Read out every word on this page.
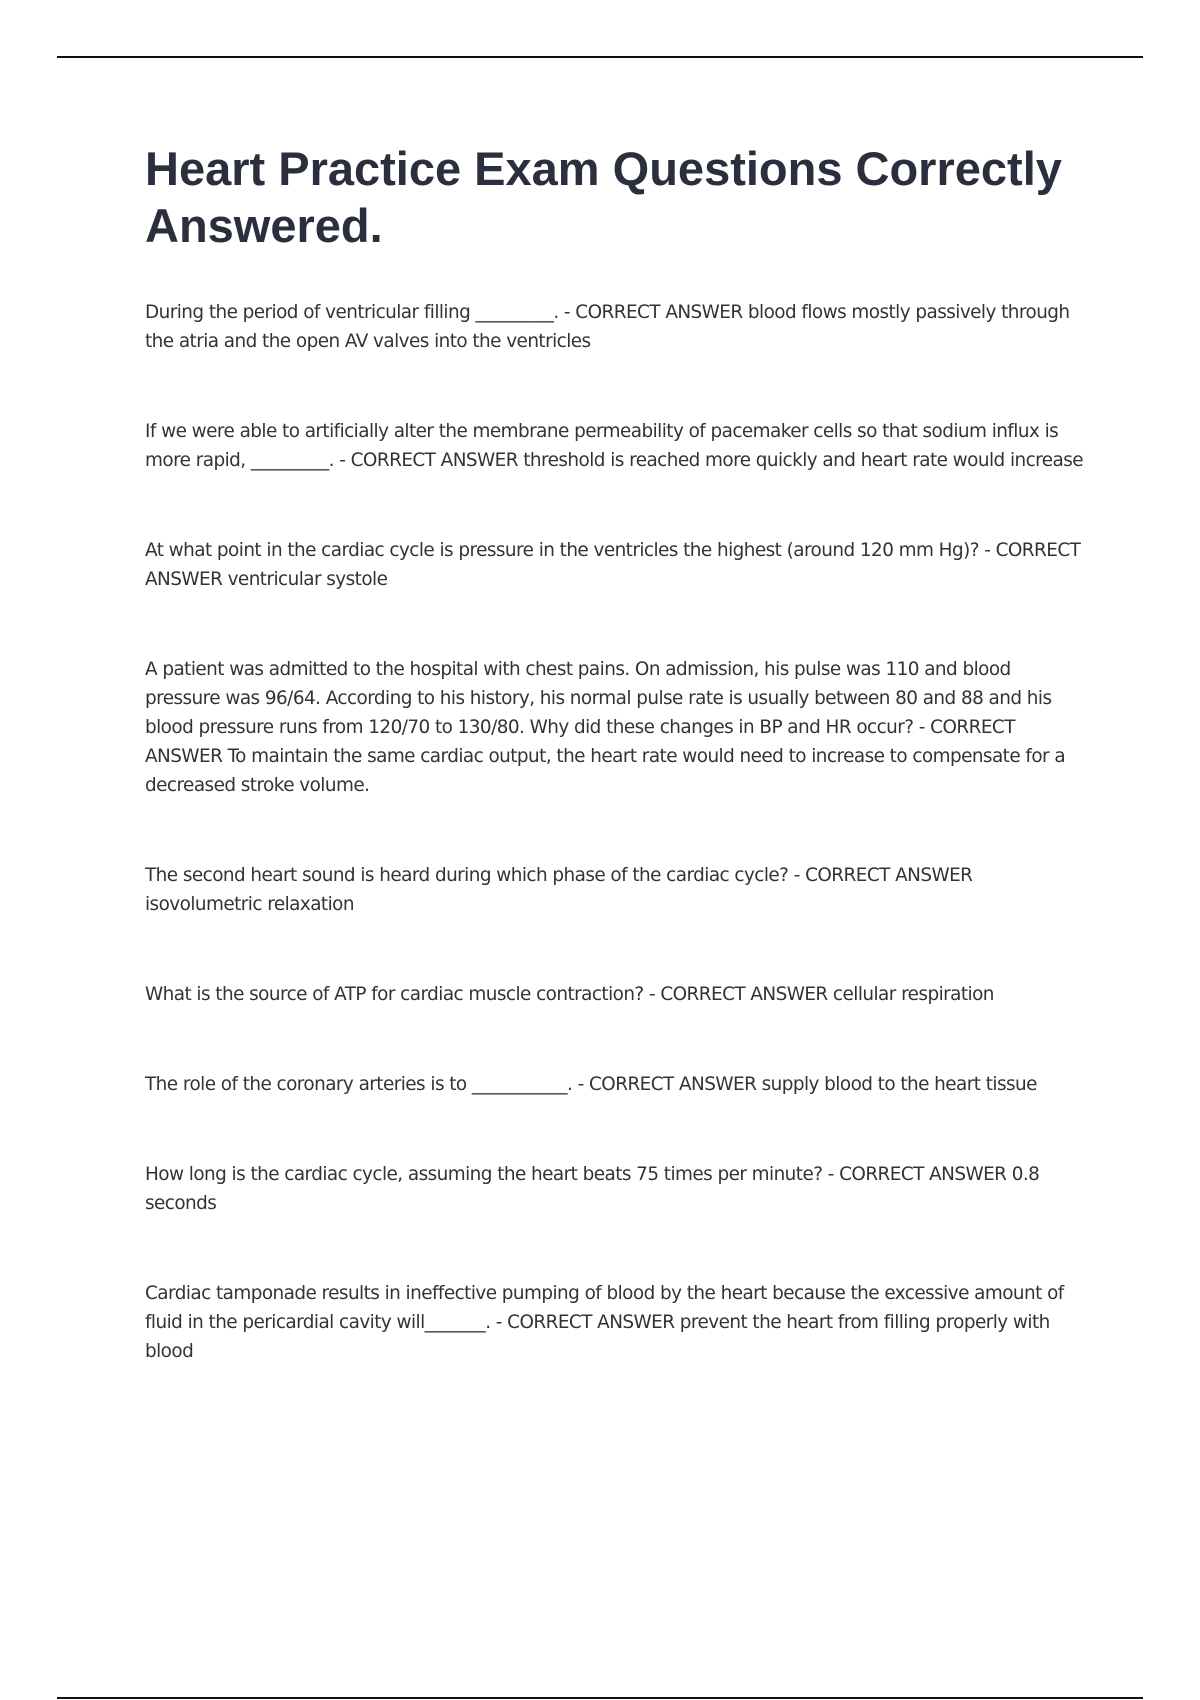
Heart Practice Exam Questions Correctly Answered.
During the period of ventricular filling _________. - CORRECT ANSWER blood flows mostly passively through the atria and the open AV valves into the ventricles
If we were able to artificially alter the membrane permeability of pacemaker cells so that sodium influx is more rapid, _________. - CORRECT ANSWER threshold is reached more quickly and heart rate would increase
At what point in the cardiac cycle is pressure in the ventricles the highest (around 120 mm Hg)? - CORRECT ANSWER ventricular systole
A patient was admitted to the hospital with chest pains. On admission, his pulse was 110 and blood pressure was 96/64. According to his history, his normal pulse rate is usually between 80 and 88 and his blood pressure runs from 120/70 to 130/80. Why did these changes in BP and HR occur? - CORRECT ANSWER To maintain the same cardiac output, the heart rate would need to increase to compensate for a decreased stroke volume.
The second heart sound is heard during which phase of the cardiac cycle? - CORRECT ANSWER isovolumetric relaxation
What is the source of ATP for cardiac muscle contraction? - CORRECT ANSWER cellular respiration
The role of the coronary arteries is to ___________. - CORRECT ANSWER supply blood to the heart tissue
How long is the cardiac cycle, assuming the heart beats 75 times per minute? - CORRECT ANSWER 0.8 seconds
Cardiac tamponade results in ineffective pumping of blood by the heart because the excessive amount of fluid in the pericardial cavity will_______. - CORRECT ANSWER prevent the heart from filling properly with blood
